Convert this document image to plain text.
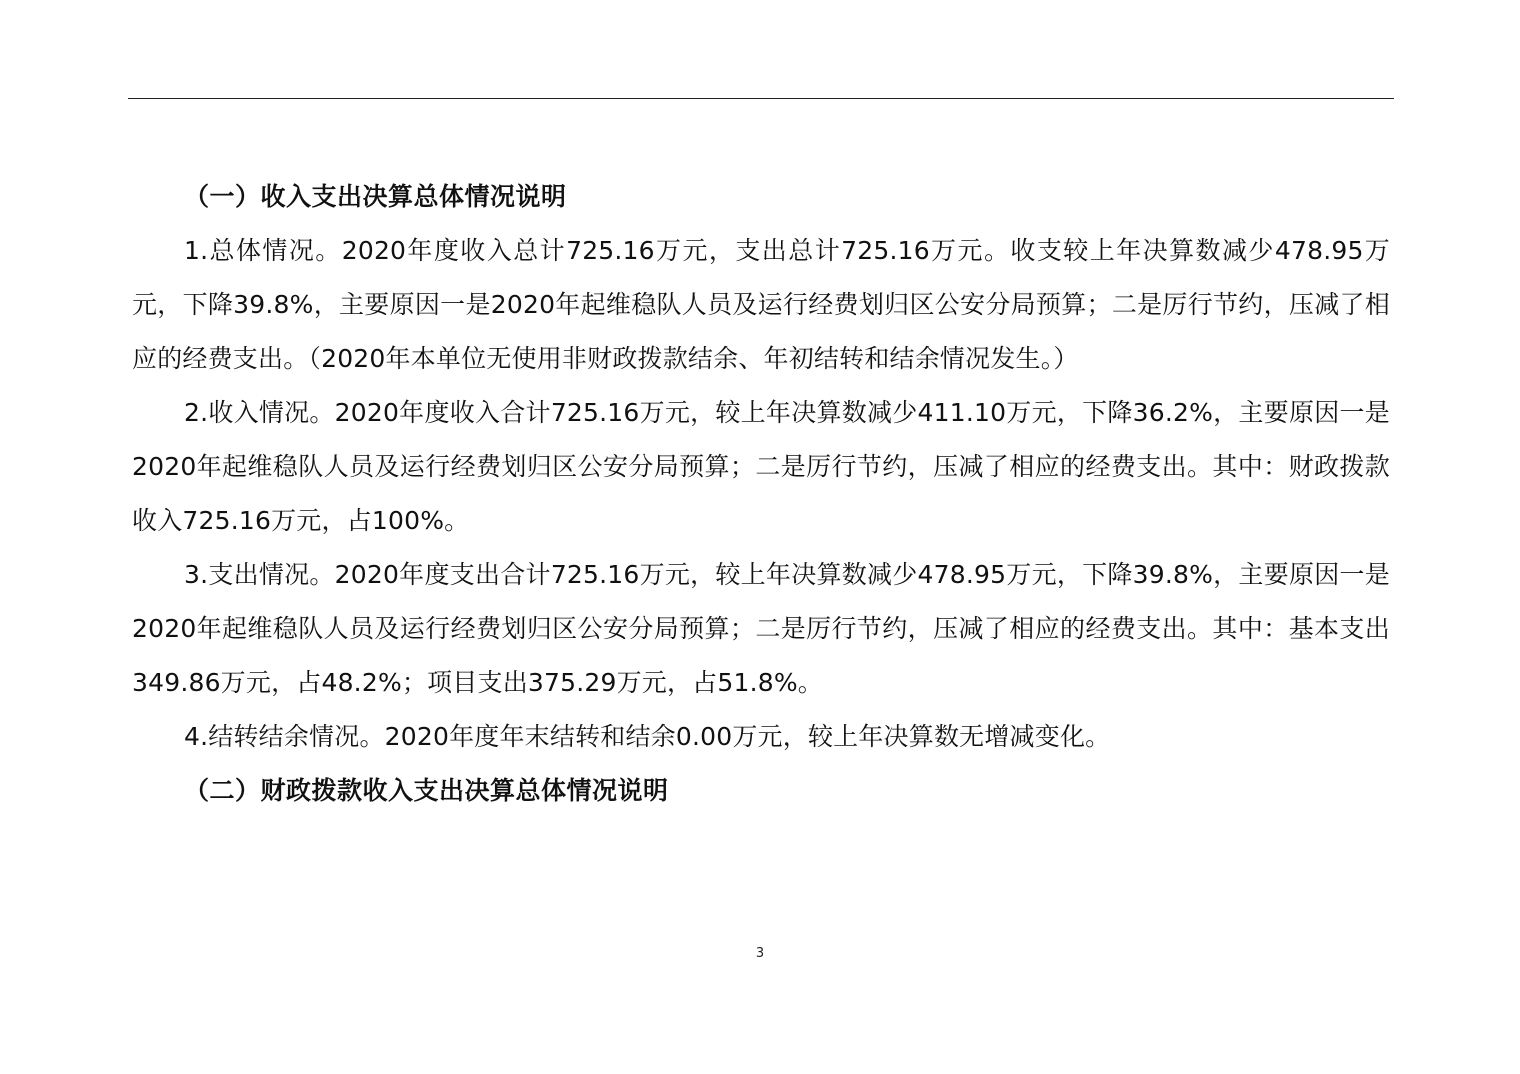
（一）收入支出决算总体情况说明

1.总体情况。2020年度收入总计725.16万元，支出总计725.16万元。收支较上年决算数减少478.95万元，下降39.8%，主要原因一是2020年起维稳队人员及运行经费划归区公安分局预算；二是厉行节约，压减了相应的经费支出。（2020年本单位无使用非财政拨款结余、年初结转和结余情况发生。）

2.收入情况。2020年度收入合计725.16万元，较上年决算数减少411.10万元，下降36.2%，主要原因一是2020年起维稳队人员及运行经费划归区公安分局预算；二是厉行节约，压减了相应的经费支出。其中：财政拨款收入725.16万元，占100%。

3.支出情况。2020年度支出合计725.16万元，较上年决算数减少478.95万元，下降39.8%，主要原因一是2020年起维稳队人员及运行经费划归区公安分局预算；二是厉行节约，压减了相应的经费支出。其中：基本支出349.86万元，占48.2%；项目支出375.29万元，占51.8%。

4.结转结余情况。2020年度年末结转和结余0.00万元，较上年决算数无增减变化。

（二）财政拨款收入支出决算总体情况说明
3
